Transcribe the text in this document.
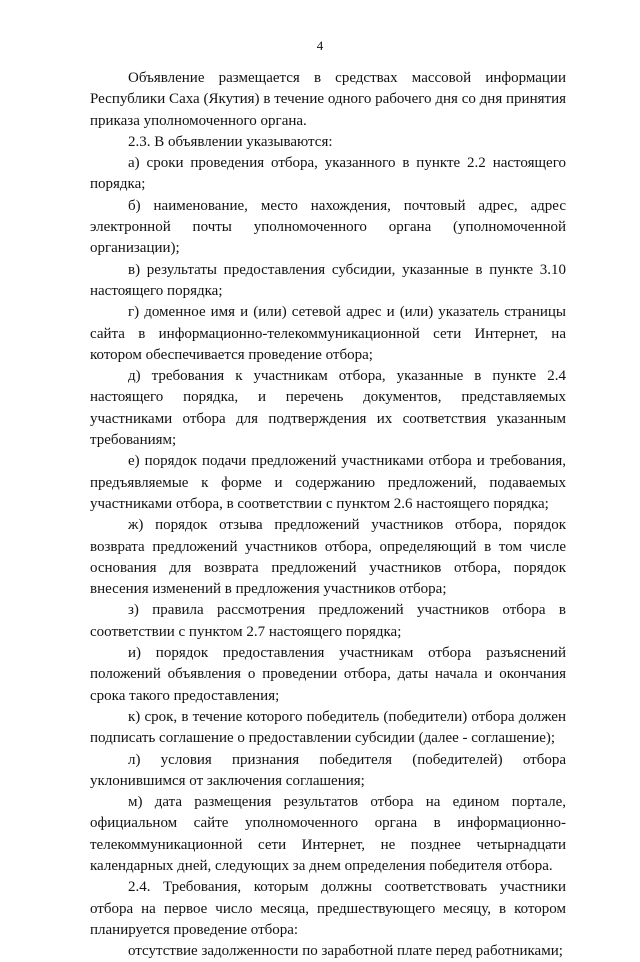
4

Объявление размещается в средствах массовой информации Республики Саха (Якутия) в течение одного рабочего дня со дня принятия приказа уполномоченного органа.

2.3. В объявлении указываются:

а) сроки проведения отбора, указанного в пункте 2.2 настоящего порядка;

б) наименование, место нахождения, почтовый адрес, адрес электронной почты уполномоченного органа (уполномоченной организации);

в) результаты предоставления субсидии, указанные в пункте 3.10 настоящего порядка;

г) доменное имя и (или) сетевой адрес и (или) указатель страницы сайта в информационно-телекоммуникационной сети Интернет, на котором обеспечивается проведение отбора;

д) требования к участникам отбора, указанные в пункте 2.4 настоящего порядка, и перечень документов, представляемых участниками отбора для подтверждения их соответствия указанным требованиям;

е) порядок подачи предложений участниками отбора и требования, предъявляемые к форме и содержанию предложений, подаваемых участниками отбора, в соответствии с пунктом 2.6 настоящего порядка;

ж) порядок отзыва предложений участников отбора, порядок возврата предложений участников отбора, определяющий в том числе основания для возврата предложений участников отбора, порядок внесения изменений в предложения участников отбора;

з) правила рассмотрения предложений участников отбора в соответствии с пунктом 2.7 настоящего порядка;

и) порядок предоставления участникам отбора разъяснений положений объявления о проведении отбора, даты начала и окончания срока такого предоставления;

к) срок, в течение которого победитель (победители) отбора должен подписать соглашение о предоставлении субсидии (далее - соглашение);

л) условия признания победителя (победителей) отбора уклонившимся от заключения соглашения;

м) дата размещения результатов отбора на едином портале, официальном сайте уполномоченного органа в информационно-телекоммуникационной сети Интернет, не позднее четырнадцати календарных дней, следующих за днем определения победителя отбора.

2.4. Требования, которым должны соответствовать участники отбора на первое число месяца, предшествующего месяцу, в котором планируется проведение отбора:

отсутствие задолженности по заработной плате перед работниками;
